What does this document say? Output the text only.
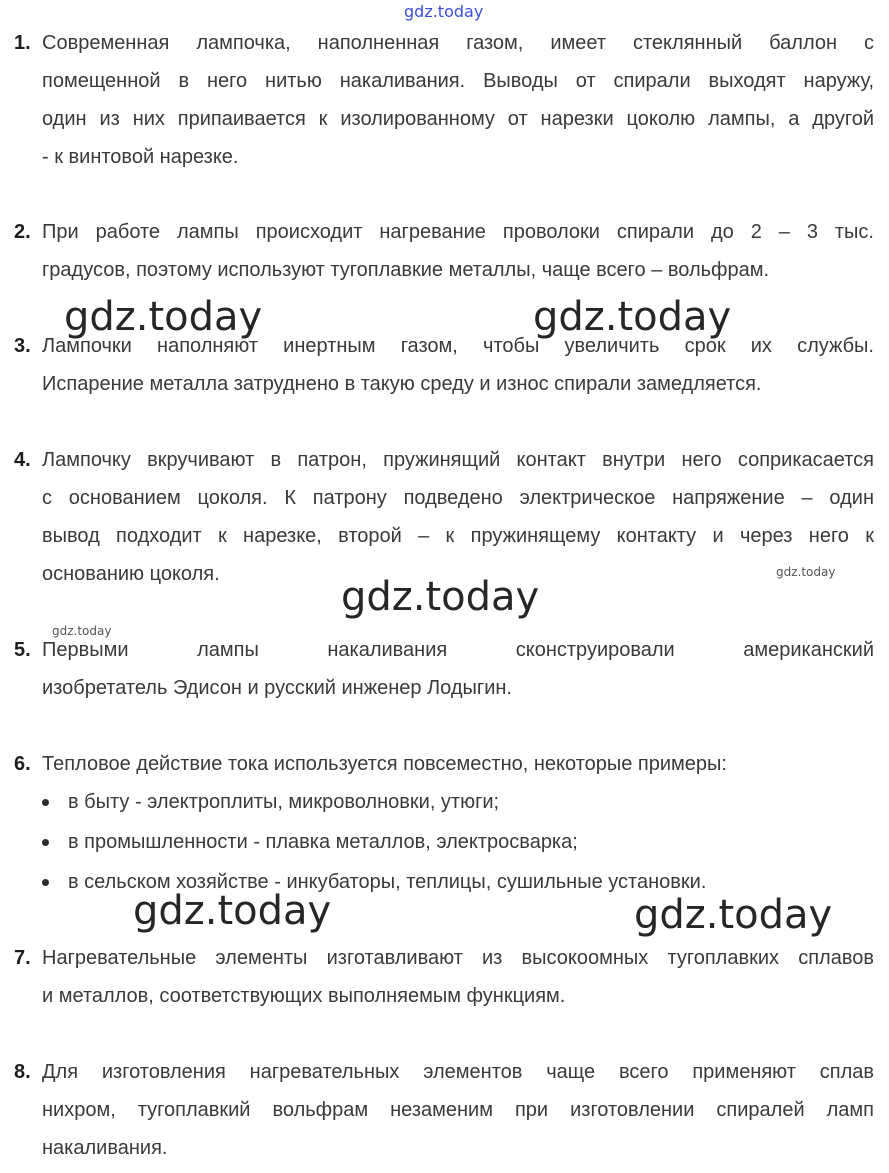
gdz.today
gdz.today	gdz.today
gdz.today
gdz.today
gdz.today
gdz.today	gdz.today
1. Современная лампочка, наполненная газом, имеет стеклянный баллон с
помещенной в него нитью накаливания. Выводы от спирали выходят наружу,
один из них припаивается к изолированному от нарезки цоколю лампы, а другой
- к винтовой нарезке.
2. При работе лампы происходит нагревание проволоки спирали до 2 – 3 тыс.
градусов, поэтому используют тугоплавкие металлы, чаще всего – вольфрам.
3. Лампочки наполняют инертным газом, чтобы увеличить срок их службы.
Испарение металла затруднено в такую среду и износ спирали замедляется.
4. Лампочку вкручивают в патрон, пружинящий контакт внутри него соприкасается
с основанием цоколя. К патрону подведено электрическое напряжение – один
вывод подходит к нарезке, второй – к пружинящему контакту и через него к
основанию цоколя.
5. Первыми лампы накаливания сконструировали американский
изобретатель Эдисон и русский инженер Лодыгин.
6. Тепловое действие тока используется повсеместно, некоторые примеры:
в быту - электроплиты, микроволновки, утюги;
в промышленности - плавка металлов, электросварка;
в сельском хозяйстве - инкубаторы, теплицы, сушильные установки.
7. Нагревательные элементы изготавливают из высокоомных тугоплавких сплавов
и металлов, соответствующих выполняемым функциям.
8. Для изготовления нагревательных элементов чаще всего применяют сплав
нихром, тугоплавкий вольфрам незаменим при изготовлении спиралей ламп
накаливания.
